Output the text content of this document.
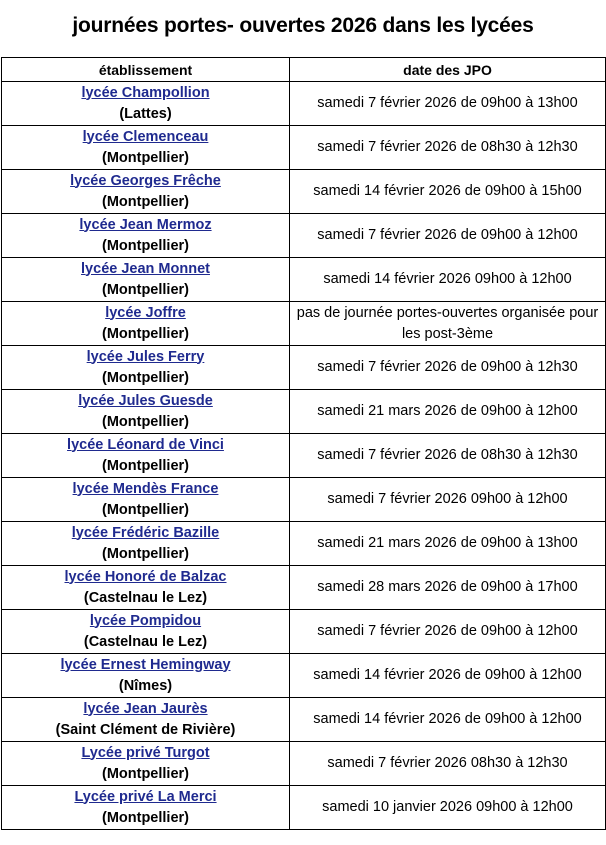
journées portes- ouvertes 2026 dans les lycées
établissement	date des JPO

lycée Champollion
(Lattes)	samedi 7 février 2026 de 09h00 à 13h00

lycée Clemenceau
(Montpellier)	samedi 7 février 2026 de 08h30 à 12h30

lycée Georges Frêche
(Montpellier)	samedi 14 février 2026 de 09h00 à 15h00

lycée Jean Mermoz
(Montpellier)	samedi 7 février 2026 de 09h00 à 12h00

lycée Jean Monnet
(Montpellier)	samedi 14 février 2026 09h00 à 12h00

lycée Joffre
(Montpellier)	pas de journée portes-ouvertes organisée pour les post-3ème

lycée Jules Ferry
(Montpellier)	samedi 7 février 2026 de 09h00 à 12h30

lycée Jules Guesde
(Montpellier)	samedi 21 mars 2026 de 09h00 à 12h00

lycée Léonard de Vinci
(Montpellier)	samedi 7 février 2026 de 08h30 à 12h30

lycée Mendès France
(Montpellier)	samedi 7 février 2026 09h00 à 12h00

lycée Frédéric Bazille
(Montpellier)	samedi 21 mars 2026 de 09h00 à 13h00

lycée Honoré de Balzac
(Castelnau le Lez)	samedi 28 mars 2026 de 09h00 à 17h00

lycée Pompidou
(Castelnau le Lez)	samedi 7 février 2026 de 09h00 à 12h00

lycée Ernest Hemingway
(Nîmes)	samedi 14 février 2026 de 09h00 à 12h00

lycée Jean Jaurès
(Saint Clément de Rivière)	samedi 14 février 2026 de 09h00 à 12h00

Lycée privé Turgot
(Montpellier)	samedi 7 février 2026 08h30 à 12h30

Lycée privé La Merci
(Montpellier)	samedi 10 janvier 2026 09h00 à 12h00
